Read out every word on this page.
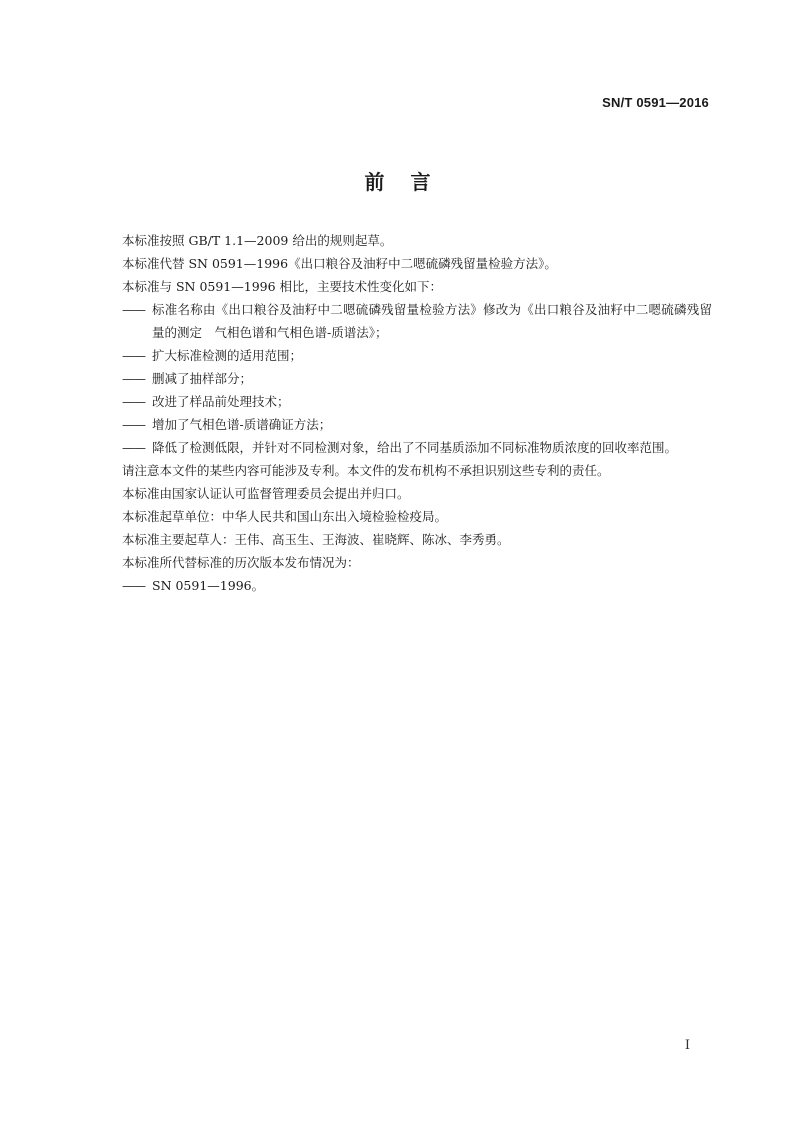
SN/T 0591—2016
前言

本标准按照 GB/T 1.1—2009 给出的规则起草。

本标准代替 SN 0591—1996《出口粮谷及油籽中二嗯硫磷残留量检验方法》。

本标准与 SN 0591—1996 相比，主要技术性变化如下：

—— 标准名称由《出口粮谷及油籽中二嗯硫磷残留量检验方法》修改为《出口粮谷及油籽中二嗯硫磷残留量的测定　气相色谱和气相色谱-质谱法》；
—— 扩大标准检测的适用范围；
—— 删减了抽样部分；
—— 改进了样品前处理技术；
—— 增加了气相色谱-质谱确证方法；
—— 降低了检测低限，并针对不同检测对象，给出了不同基质添加不同标准物质浓度的回收率范围。

请注意本文件的某些内容可能涉及专利。本文件的发布机构不承担识别这些专利的责任。

本标准由国家认证认可监督管理委员会提出并归口。

本标准起草单位：中华人民共和国山东出入境检验检疫局。

本标准主要起草人：王伟、高玉生、王海波、崔晓辉、陈冰、李秀勇。

本标准所代替标准的历次版本发布情况为：

—— SN 0591—1996。
I
